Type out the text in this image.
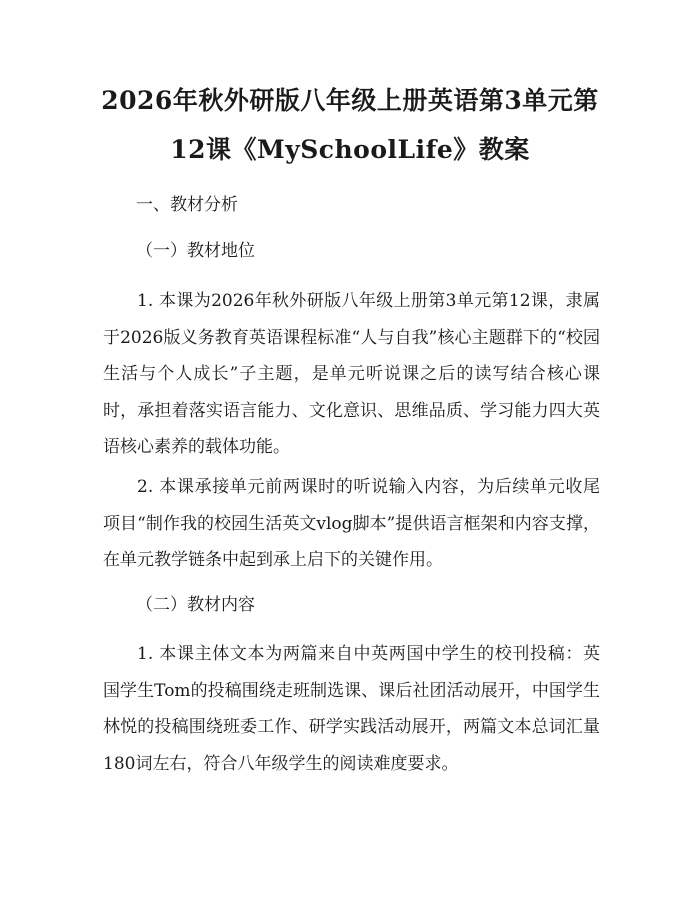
2026年秋外研版八年级上册英语第3单元第
12课《MySchoolLife》教案

一、教材分析

（一）教材地位

1. 本课为2026年秋外研版八年级上册第3单元第12课，隶属于2026版义务教育英语课程标准“人与自我”核心主题群下的“校园生活与个人成长”子主题，是单元听说课之后的读写结合核心课时，承担着落实语言能力、文化意识、思维品质、学习能力四大英语核心素养的载体功能。

2. 本课承接单元前两课时的听说输入内容，为后续单元收尾项目“制作我的校园生活英文vlog脚本”提供语言框架和内容支撑，在单元教学链条中起到承上启下的关键作用。

（二）教材内容

1. 本课主体文本为两篇来自中英两国中学生的校刊投稿：英国学生Tom的投稿围绕走班制选课、课后社团活动展开，中国学生林悦的投稿围绕班委工作、研学实践活动展开，两篇文本总词汇量180词左右，符合八年级学生的阅读难度要求。
